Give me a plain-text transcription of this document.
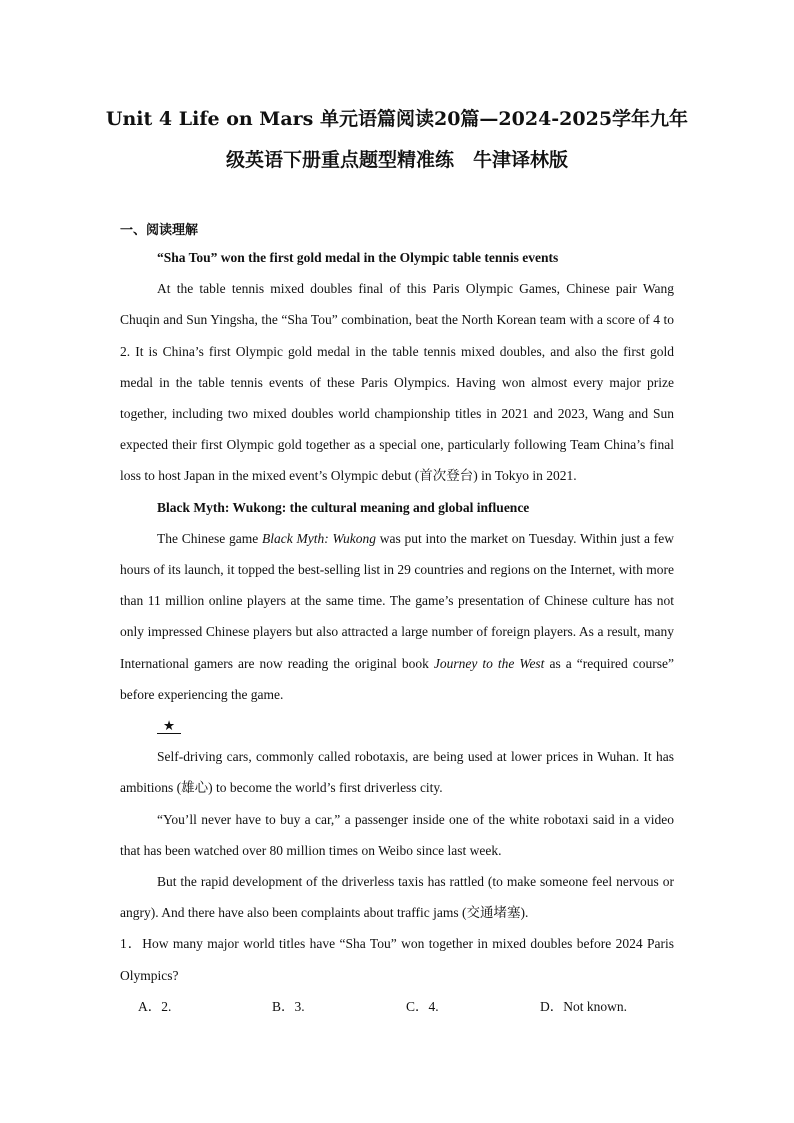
Unit 4 Life on Mars 单元语篇阅读20篇—2024-2025学年九年
级英语下册重点题型精准练　牛津译林版
一、阅读理解

“Sha Tou” won the first gold medal in the Olympic table tennis events

At the table tennis mixed doubles final of this Paris Olympic Games, Chinese pair Wang Chuqin and Sun Yingsha, the “Sha Tou” combination, beat the North Korean team with a score of 4 to 2. It is China’s first Olympic gold medal in the table tennis mixed doubles, and also the first gold medal in the table tennis events of these Paris Olympics. Having won almost every major prize together, including two mixed doubles world championship titles in 2021 and 2023, Wang and Sun expected their first Olympic gold together as a special one, particularly following Team China’s final loss to host Japan in the mixed event’s Olympic debut (首次登台) in Tokyo in 2021.

Black Myth: Wukong: the cultural meaning and global influence

The Chinese game Black Myth: Wukong was put into the market on Tuesday. Within just a few hours of its launch, it topped the best-selling list in 29 countries and regions on the Internet, with more than 11 million online players at the same time. The game’s presentation of Chinese culture has not only impressed Chinese players but also attracted a large number of foreign players. As a result, many International gamers are now reading the original book Journey to the West as a “required course” before experiencing the game.

★

Self-driving cars, commonly called robotaxis, are being used at lower prices in Wuhan. It has ambitions (雄心) to become the world’s first driverless city.

“You’ll never have to buy a car,” a passenger inside one of the white robotaxi said in a video that has been watched over 80 million times on Weibo since last week.

But the rapid development of the driverless taxis has rattled (to make someone feel nervous or angry). And there have also been complaints about traffic jams (交通堵塞).

1．How many major world titles have “Sha Tou” won together in mixed doubles before 2024 Paris Olympics?

A．2.	B．3.	C．4.	D．Not known.
